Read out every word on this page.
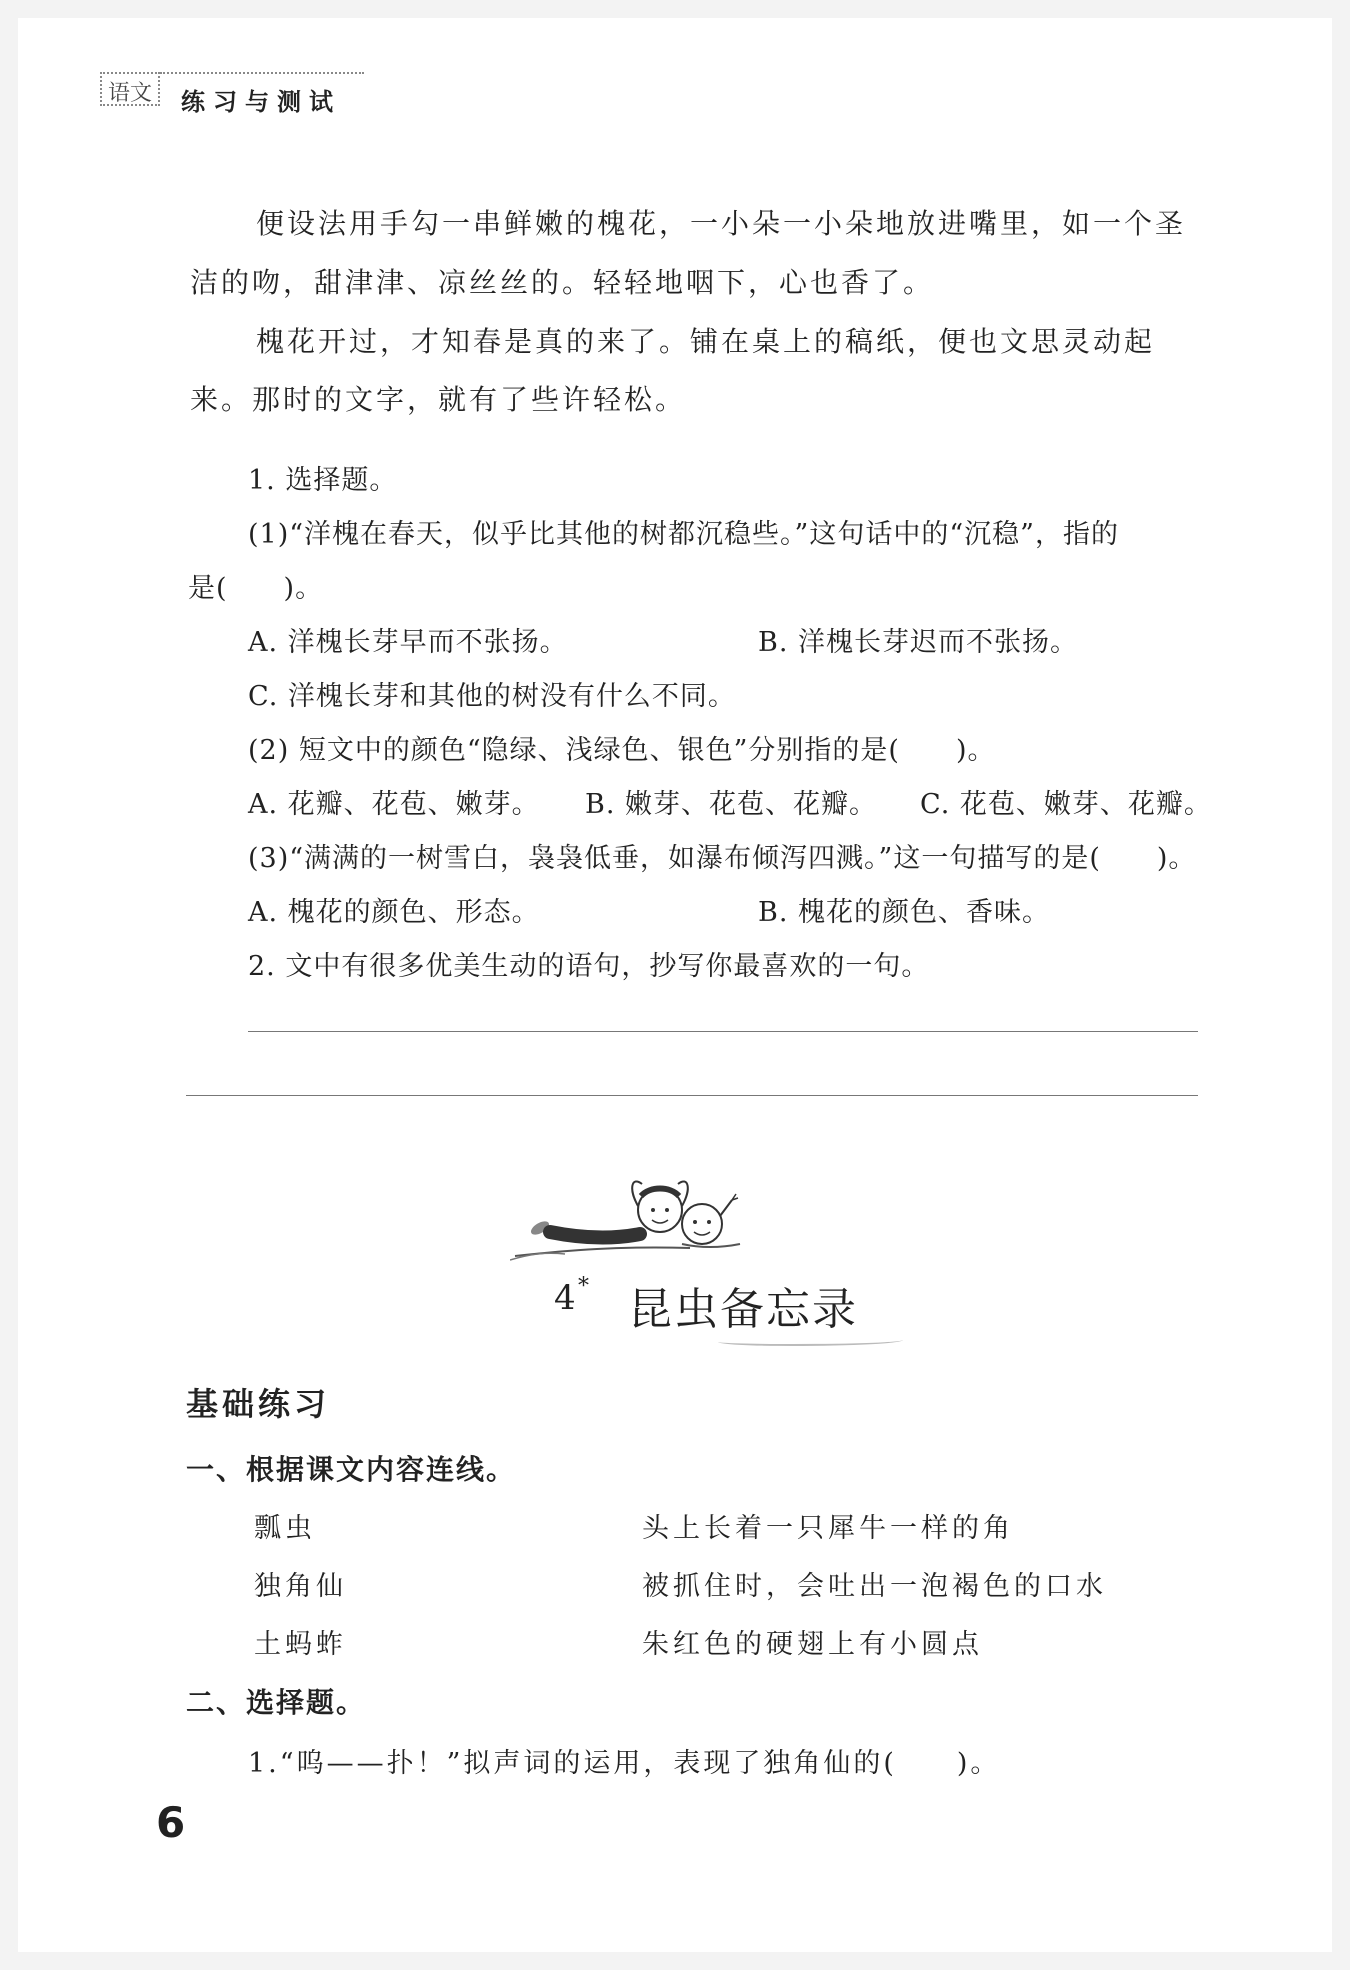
语文 练习与测试
便设法用手勾一串鲜嫩的槐花，一小朵一小朵地放进嘴里，如一个圣
洁的吻，甜津津、凉丝丝的。轻轻地咽下，心也香了。
槐花开过，才知春是真的来了。铺在桌上的稿纸，便也文思灵动起
来。那时的文字，就有了些许轻松。
1. 选择题。
(1)“洋槐在春天，似乎比其他的树都沉稳些。”这句话中的“沉稳”，指的
是(　　)。
A. 洋槐长芽早而不张扬。	B. 洋槐长芽迟而不张扬。
C. 洋槐长芽和其他的树没有什么不同。
(2) 短文中的颜色“隐绿、浅绿色、银色”分别指的是(　　)。
A. 花瓣、花苞、嫩芽。 B. 嫩芽、花苞、花瓣。 C. 花苞、嫩芽、花瓣。
(3)“满满的一树雪白，袅袅低垂，如瀑布倾泻四溅。”这一句描写的是(　　)。
A. 槐花的颜色、形态。	B. 槐花的颜色、香味。
2. 文中有很多优美生动的语句，抄写你最喜欢的一句。
4 * 昆虫备忘录
基础练习
一、根据课文内容连线。
瓢虫
独角仙
土蚂蚱
头上长着一只犀牛一样的角
被抓住时，会吐出一泡褐色的口水
朱红色的硬翅上有小圆点
二、选择题。
1.“呜——扑！”拟声词的运用，表现了独角仙的(　　)。
6
